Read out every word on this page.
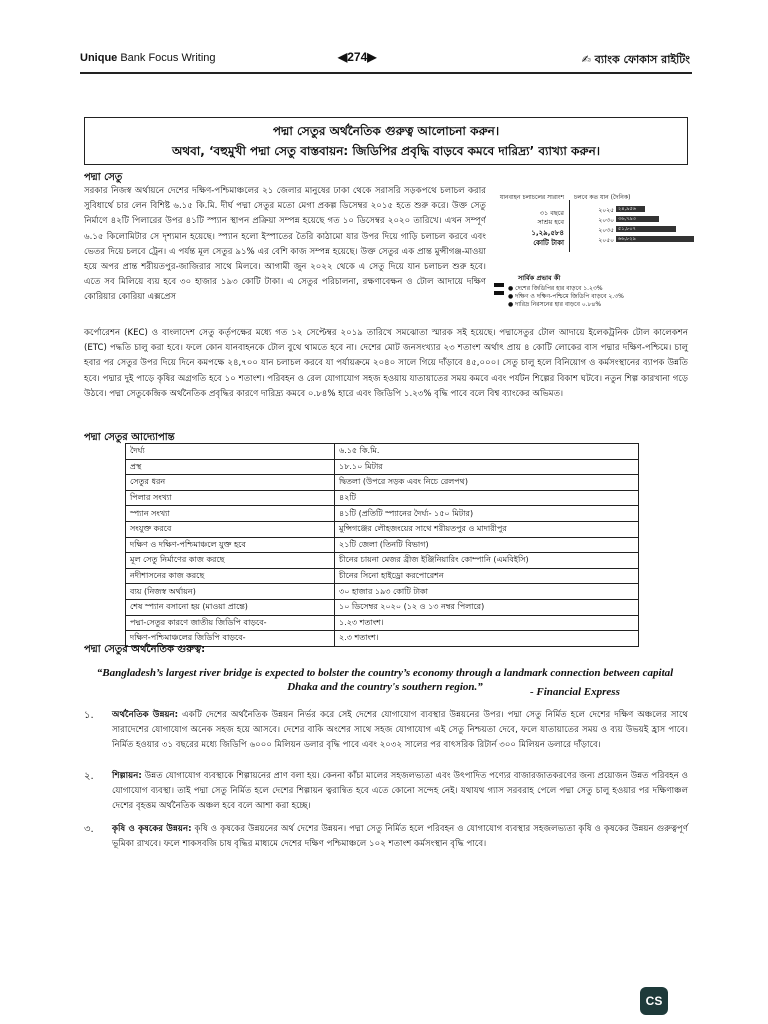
Unique Bank Focus Writing	◀274▶	✍ ব্যাংক ফোকাস রাইটিং
পদ্মা সেতুর অর্থনৈতিক গুরুত্ব আলোচনা করুন।
অথবা, ‘বহুমুখী পদ্মা সেতু বাস্তবায়ন: জিডিপির প্রবৃদ্ধি বাড়বে কমবে দারিদ্র্য’ ব্যাখ্যা করুন।
পদ্মা সেতু
সরকার নিজস্ব অর্থায়নে দেশের দক্ষিণ-পশ্চিমাঞ্চলের ২১ জেলার মানুষের ঢাকা থেকে সরাসরি সড়কপথে চলাচল করার সুবিধার্থে চার লেন বিশিষ্ট ৬.১৫ কি.মি. দীর্ঘ পদ্মা সেতুর মতো মেগা প্রকল্প ডিসেম্বর ২০১৫ হতে শুরু করে। উক্ত সেতু নির্মাণে ৪২টি পিলারের উপর ৪১টি স্প্যান স্থাপন প্রক্রিয়া সম্পন্ন হয়েছে গত ১০ ডিসেম্বর ২০২০ তারিখে। এখন সম্পূর্ণ ৬.১৫ কিলোমিটার সে দৃশ্যমান হয়েছে। স্প্যান হলো ইস্পাতের তৈরি কাঠামো যার উপর দিয়ে গাড়ি চলাচল করবে এবং ভেতর দিয়ে চলবে ট্রেন। এ পর্যন্ত মূল সেতুর ৯১% এর বেশি কাজ সম্পন্ন হয়েছে। উক্ত সেতুর এক প্রান্ত মুন্সীগঞ্জ-মাওয়া হয়ে অপর প্রান্ত শরীয়তপুর-জাজিরার সাথে মিলবে। আগামী জুন ২০২২ থেকে এ সেতু দিয়ে যান চলাচল শুরু হবে। এতে সব মিলিয়ে ব্যয় হবে ৩০ হাজার ১৯৩ কোটি টাকা। এ সেতুর পরিচালনা, রক্ষণাবেক্ষন ও টোল আদায়ে দক্ষিণ কোরিয়ার কোরিয়া এক্সপ্রেস
কর্পোরেশন (KEC) ও বাংলাদেশ সেতু কর্তৃপক্ষের মধ্যে গত ১২ সেপ্টেম্বর ২০১৯ তারিখে সমঝোতা স্মারক সই হয়েছে। পদ্মাসেতুর টোল আদায়ে ইলেকট্রনিক টোল কালেকশন (ETC) পদ্ধতি চালু করা হবে। ফলে কোন যানবাহনকে টোল বুথে থামতে হবে না। দেশের মোট জনসংখ্যার ২৩ শতাংশ অর্থাৎ প্রায় ৪ কোটি লোকের বাস পদ্মার দক্ষিণ-পশ্চিমে। চালু হবার পর সেতুর উপর দিয়ে দিনে কমপক্ষে ২৪,৭০০ যান চলাচল করবে যা পর্যায়ক্রমে ২০৪০ সালে গিয়ে দাঁড়াবে ৪৫,০০০। সেতু চালু হলে বিনিয়োগ ও কর্মসংস্থানের ব্যাপক উন্নতি হবে। পদ্মার দুই পাড়ে কৃষির অগ্রগতি হবে ১০ শতাংশ। পরিবহন ও রেল যোগাযোগ সহজ হওয়ায় যাতায়াতের সময় কমবে এবং পর্যটন শিল্পের বিকাশ ঘটবে। নতুন শিল্প কারখানা গড়ে উঠবে। পদ্মা সেতুকেন্দ্রিক অর্থনৈতিক প্রবৃদ্ধির কারণে দারিদ্র্য কমবে ০.৮৪% হারে এবং জিডিপি ১.২৩% বৃদ্ধি পাবে বলে বিশ্ব ব্যাংকের অভিমত।
যানবাহন চলাচলের সারাংশ চলবে কত যান (দৈনিক)
৩১ বছরে
সাশ্রয় হবে
১,২৯,৫৮৪
কোটি টাকা
২০২৫ ২৪,৯৫৬
২০৩০ ৩৬,৭৯৩
২০৩৫ ৫১,৮০৭
২০৫০ ৬৬,৮২৯
সার্বিক প্রভাব কী
● দেশের জিডিপির হার বাড়বে ১.২৩%
● দক্ষিণ ও দক্ষিণ-পশ্চিমে জিডিপি বাড়বে ২.৩%
● দারিদ্র নিরসনের হার বাড়বে ০.৮৪%
পদ্মা সেতুর আদ্যোপান্ত
দৈর্ঘ্য	৬.১৫ কি.মি.
প্রস্থ	১৮.১০ মিটার
সেতুর ধরন	দ্বিতলা (উপরে সড়ক এবং নিচে রেলপথ)
পিলার সংখ্যা	৪২টি
স্প্যান সংখ্যা	৪১টি (প্রতিটি স্প্যানের দৈর্ঘ্য- ১৫০ মিটার)
সংযুক্ত করবে	মুন্সিগঞ্জের লৌহজংয়ের সাথে শরীয়তপুর ও মাদারীপুর
দক্ষিণ ও দক্ষিণ-পশ্চিমাঞ্চলে যুক্ত হবে	২১টি জেলা (তিনটি বিভাগ)
মূল সেতু নির্মাণের কাজ করছে	চীনের চায়না মেজর ব্রীজ ইঞ্জিনিয়ারিং কোম্পানি (এমবিইসি)
নদীশাসনের কাজ করছে	চীনের সিনো হাইড্রো করপোরেশন
ব্যয় (নিজস্ব অর্থায়ন)	৩০ হাজার ১৯৩ কোটি টাকা
শেষ স্প্যান বসানো হয় (মাওয়া প্রান্তে)	১০ ডিসেম্বর ২০২০ (১২ ও ১৩ নম্বর পিলারে)
পদ্মা-সেতুর কারণে জাতীয় জিডিপি বাড়বে-	১.২৩ শতাংশ।
দক্ষিণ-পশ্চিমাঞ্চলের জিডিপি বাড়বে-	২.৩ শতাংশ।
পদ্মা সেতুর অর্থনৈতিক গুরুত্ব:
“Bangladesh’s largest river bridge is expected to bolster the country’s economy through a landmark connection between capital Dhaka and the country's southern region.”	- Financial Express
১. অর্থনৈতিক উন্নয়ন: একটি দেশের অর্থনৈতিক উন্নয়ন নির্ভর করে সেই দেশের যোগাযোগ ব্যবস্থার উন্নয়নের উপর। পদ্মা সেতু নির্মিত হলে দেশের দক্ষিণ অঞ্চলের সাথে সারাদেশের যোগাযোগ অনেক সহজ হয়ে আসবে। দেশের বাকি অংশের সাথে সহজ যোগাযোগ এই সেতু নিশ্চয়তা দেবে, ফলে যাতায়াতের সময় ও ব্যয় উভয়ই হ্রাস পাবে। নির্মিত হওয়ার ৩১ বছরের মধ্যে জিডিপি ৬০০০ মিলিয়ন ডলার বৃদ্ধি পাবে এবং ২০৩২ সালের পর বাৎসরিক রিটার্ন ৩০০ মিলিয়ন ডলারে দাঁড়াবে।
২. শিল্পায়ন: উন্নত যোগাযোগ ব্যবস্থাকে শিল্পায়নের প্রাণ বলা হয়। কেননা কাঁচা মালের সহজলভ্যতা এবং উৎপাদিত পণ্যের বাজারজাতকরণের জন্য প্রয়োজন উন্নত পরিবহন ও যোগাযোগ ব্যবস্থা। তাই পদ্মা সেতু নির্মিত হলে দেশের শিল্পায়ন ত্বরান্বিত হবে এতে কোনো সন্দেহ নেই। যথাযথ গ্যাস সরবরাহ পেলে পদ্মা সেতু চালু হওয়ার পর দক্ষিণাঞ্চল দেশের বৃহত্তম অর্থনৈতিক অঞ্চল হবে বলে আশা করা হচ্ছে।
৩. কৃষি ও কৃষকের উন্নয়ন: কৃষি ও কৃষকের উন্নয়নের অর্থ দেশের উন্নয়ন। পদ্মা সেতু নির্মিত হলে পরিবহন ও যোগাযোগ ব্যবস্থার সহজলভ্যতা কৃষি ও কৃষকের উন্নয়ন গুরুত্বপূর্ণ ভূমিকা রাখবে। ফলে শাকসবজি চাষ বৃদ্ধির মাধ্যমে দেশের দক্ষিণ পশ্চিমাঞ্চলে ১০২ শতাংশ কর্মসংস্থান বৃদ্ধি পাবে।
CS
